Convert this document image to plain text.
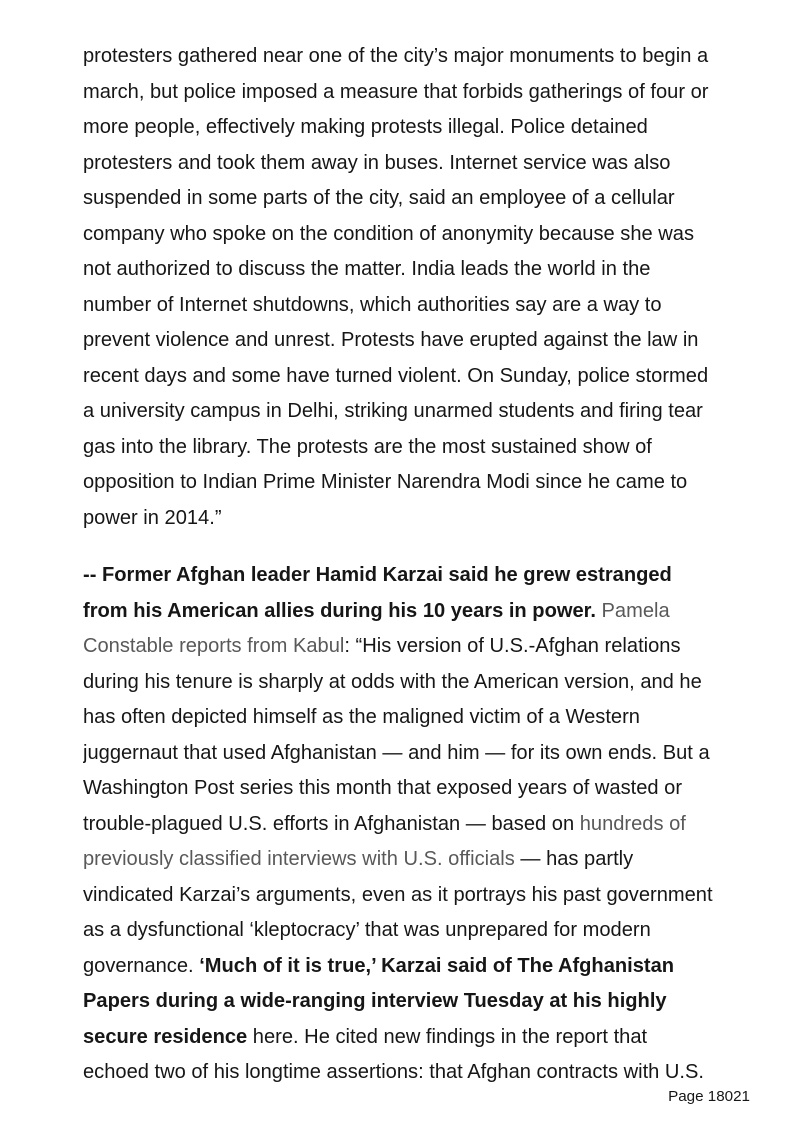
protesters gathered near one of the city’s major monuments to begin a
march, but police imposed a measure that forbids gatherings of four or
more people, effectively making protests illegal. Police detained
protesters and took them away in buses. Internet service was also
suspended in some parts of the city, said an employee of a cellular
company who spoke on the condition of anonymity because she was
not authorized to discuss the matter. India leads the world in the
number of Internet shutdowns, which authorities say are a way to
prevent violence and unrest. Protests have erupted against the law in
recent days and some have turned violent. On Sunday, police stormed
a university campus in Delhi, striking unarmed students and firing tear
gas into the library. The protests are the most sustained show of
opposition to Indian Prime Minister Narendra Modi since he came to
power in 2014.”
-- Former Afghan leader Hamid Karzai said he grew estranged
from his American allies during his 10 years in power. Pamela
Constable reports from Kabul: “His version of U.S.-Afghan relations
during his tenure is sharply at odds with the American version, and he
has often depicted himself as the maligned victim of a Western
juggernaut that used Afghanistan — and him — for its own ends. But a
Washington Post series this month that exposed years of wasted or
trouble-plagued U.S. efforts in Afghanistan — based on hundreds of
previously classified interviews with U.S. officials — has partly
vindicated Karzai’s arguments, even as it portrays his past government
as a dysfunctional ‘kleptocracy’ that was unprepared for modern
governance. ‘Much of it is true,’ Karzai said of The Afghanistan
Papers during a wide-ranging interview Tuesday at his highly
secure residence here. He cited new findings in the report that
echoed two of his longtime assertions: that Afghan contracts with U.S.
Page 18021
